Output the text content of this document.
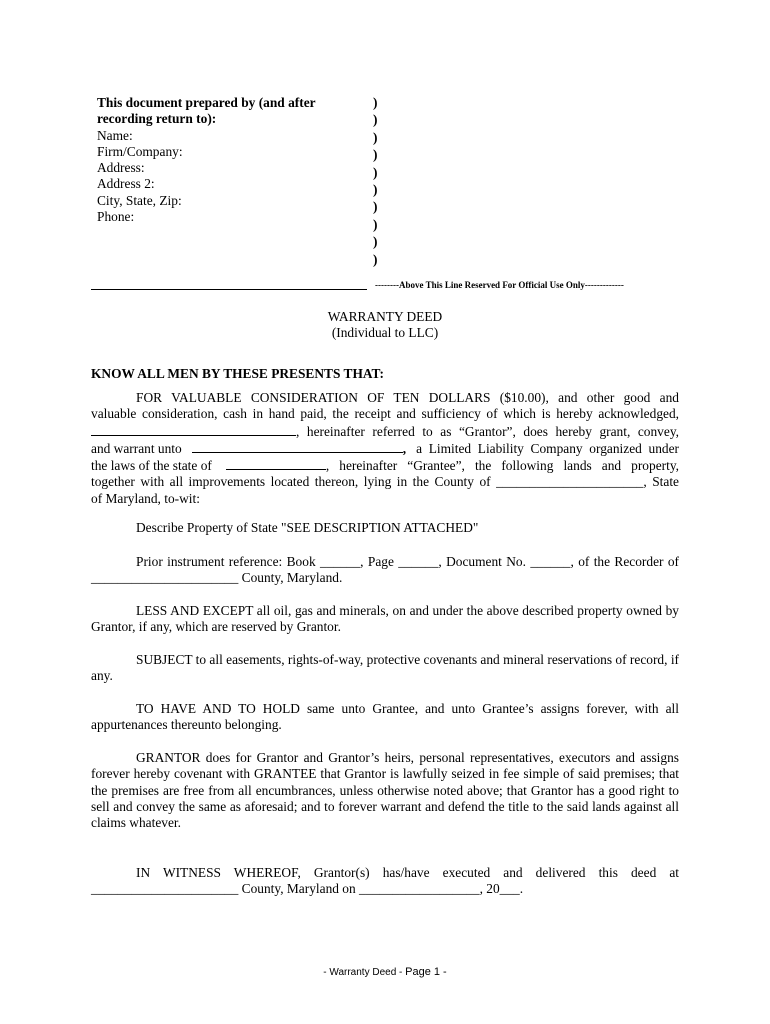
This document prepared by (and after recording return to):
Name:
Firm/Company:
Address:
Address 2:
City, State, Zip:
Phone:
)
)
)
)
)
)
)
)
)
)
--------Above This Line Reserved For Official Use Only-------------
WARRANTY DEED
(Individual to LLC)
KNOW ALL MEN BY THESE PRESENTS THAT:
FOR VALUABLE CONSIDERATION OF TEN DOLLARS ($10.00), and other good and
valuable consideration, cash in hand paid, the receipt and sufficiency of which is hereby acknowledged,
, hereinafter referred to as “Grantor”, does hereby grant, convey,
and warrant unto	, a Limited Liability Company organized under
the laws of the state of	, hereinafter “Grantee”, the following lands and property,
together with all improvements located thereon, lying in the County of ______________________, State
of Maryland, to-wit:
Describe Property of State "SEE DESCRIPTION ATTACHED"
Prior instrument reference: Book ______, Page ______, Document No. ______, of the Recorder of
______________________ County, Maryland.
LESS AND EXCEPT all oil, gas and minerals, on and under the above described property owned by Grantor, if any, which are reserved by Grantor.
SUBJECT to all easements, rights-of-way, protective covenants and mineral reservations of record, if any.
TO HAVE AND TO HOLD same unto Grantee, and unto Grantee’s assigns forever, with all appurtenances thereunto belonging.
GRANTOR does for Grantor and Grantor’s heirs, personal representatives, executors and assigns forever hereby covenant with GRANTEE that Grantor is lawfully seized in fee simple of said premises; that the premises are free from all encumbrances, unless otherwise noted above; that Grantor has a good right to sell and convey the same as aforesaid; and to forever warrant and defend the title to the said lands against all claims whatever.
IN WITNESS WHEREOF, Grantor(s) has/have executed and delivered this deed at
______________________ County, Maryland on __________________, 20___.
- Warranty Deed - Page 1 -
